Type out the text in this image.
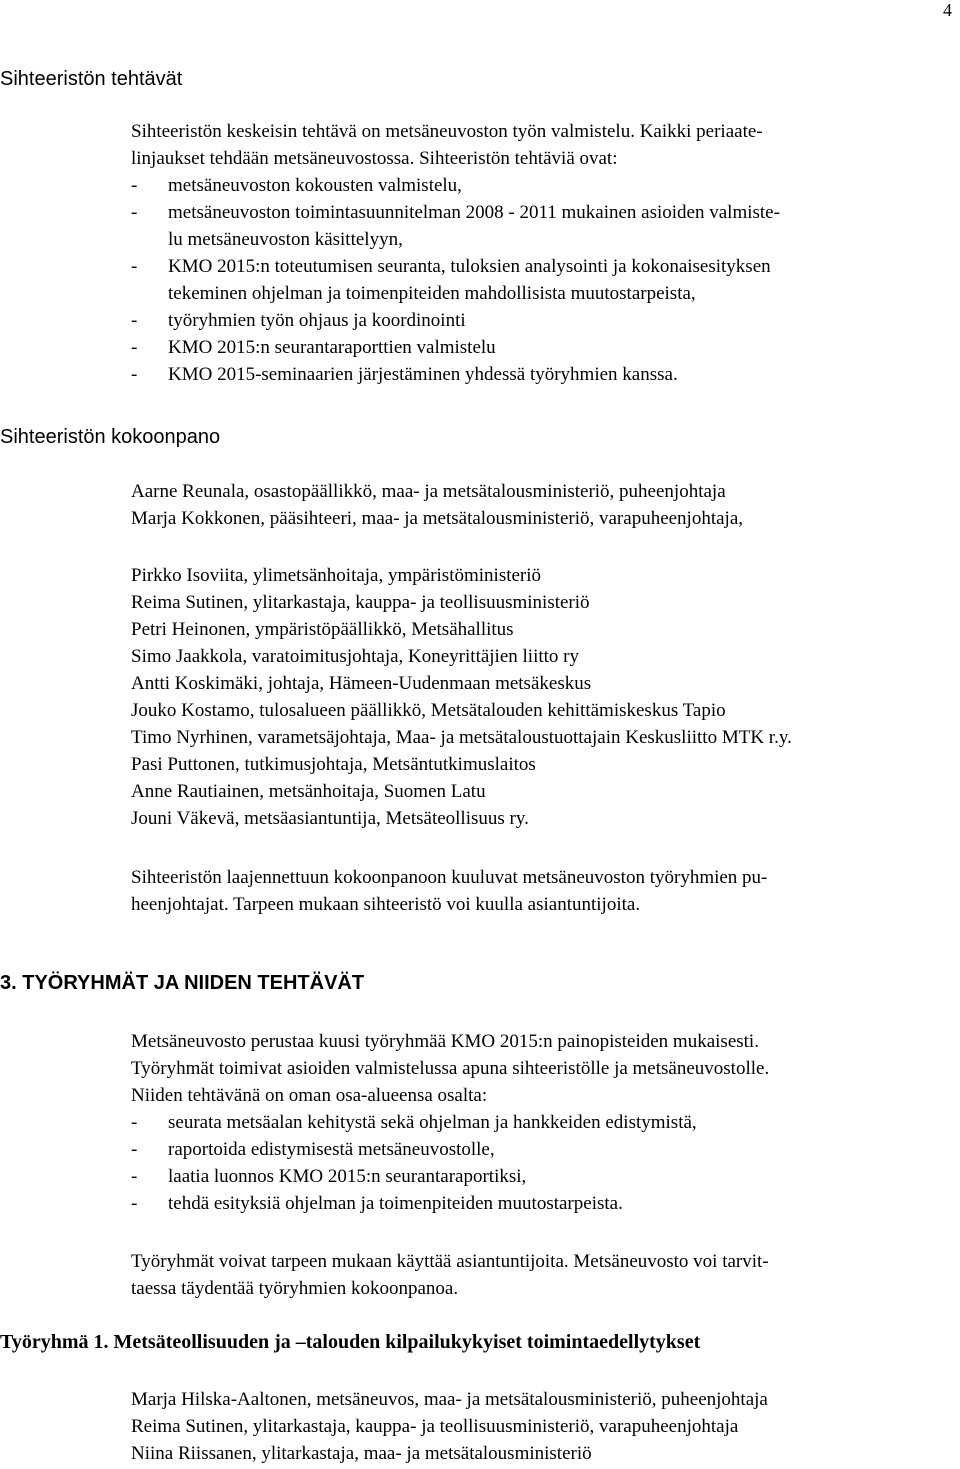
4
Sihteeristön tehtävät

Sihteeristön keskeisin tehtävä on metsäneuvoston työn valmistelu. Kaikki periaate-

linjaukset tehdään metsäneuvostossa. Sihteeristön tehtäviä ovat:

- metsäneuvoston kokousten valmistelu,
- metsäneuvoston toimintasuunnitelman 2008 - 2011 mukainen asioiden valmiste-
lu metsäneuvoston käsittelyyn,
- KMO 2015:n toteutumisen seuranta, tuloksien analysointi ja kokonaisesityksen
tekeminen ohjelman ja toimenpiteiden mahdollisista muutostarpeista,
- työryhmien työn ohjaus ja koordinointi
- KMO 2015:n seurantaraporttien valmistelu
- KMO 2015-seminaarien järjestäminen yhdessä työryhmien kanssa.
Sihteeristön kokoonpano

Aarne Reunala, osastopäällikkö, maa- ja metsätalousministeriö, puheenjohtaja

Marja Kokkonen, pääsihteeri, maa- ja metsätalousministeriö, varapuheenjohtaja,

Pirkko Isoviita, ylimetsänhoitaja, ympäristöministeriö

Reima Sutinen, ylitarkastaja, kauppa- ja teollisuusministeriö

Petri Heinonen, ympäristöpäällikkö, Metsähallitus

Simo Jaakkola, varatoimitusjohtaja, Koneyrittäjien liitto ry

Antti Koskimäki, johtaja, Hämeen-Uudenmaan metsäkeskus

Jouko Kostamo, tulosalueen päällikkö, Metsätalouden kehittämiskeskus Tapio

Timo Nyrhinen, varametsäjohtaja, Maa- ja metsätaloustuottajain Keskusliitto MTK r.y.

Pasi Puttonen, tutkimusjohtaja, Metsäntutkimuslaitos

Anne Rautiainen, metsänhoitaja, Suomen Latu

Jouni Väkevä, metsäasiantuntija, Metsäteollisuus ry.

Sihteeristön laajennettuun kokoonpanoon kuuluvat metsäneuvoston työryhmien pu-

heenjohtajat. Tarpeen mukaan sihteeristö voi kuulla asiantuntijoita.

3. TYÖRYHMÄT JA NIIDEN TEHTÄVÄT

Metsäneuvosto perustaa kuusi työryhmää KMO 2015:n painopisteiden mukaisesti.

Työryhmät toimivat asioiden valmistelussa apuna sihteeristölle ja metsäneuvostolle.

Niiden tehtävänä on oman osa-alueensa osalta:

- seurata metsäalan kehitystä sekä ohjelman ja hankkeiden edistymistä,
- raportoida edistymisestä metsäneuvostolle,
- laatia luonnos KMO 2015:n seurantaraportiksi,
- tehdä esityksiä ohjelman ja toimenpiteiden muutostarpeista.

Työryhmät voivat tarpeen mukaan käyttää asiantuntijoita. Metsäneuvosto voi tarvit-

taessa täydentää työryhmien kokoonpanoa.

Työryhmä 1. Metsäteollisuuden ja –talouden kilpailukykyiset toimintaedellytykset

Marja Hilska-Aaltonen, metsäneuvos, maa- ja metsätalousministeriö, puheenjohtaja

Reima Sutinen, ylitarkastaja, kauppa- ja teollisuusministeriö, varapuheenjohtaja

Niina Riissanen, ylitarkastaja, maa- ja metsätalousministeriö
